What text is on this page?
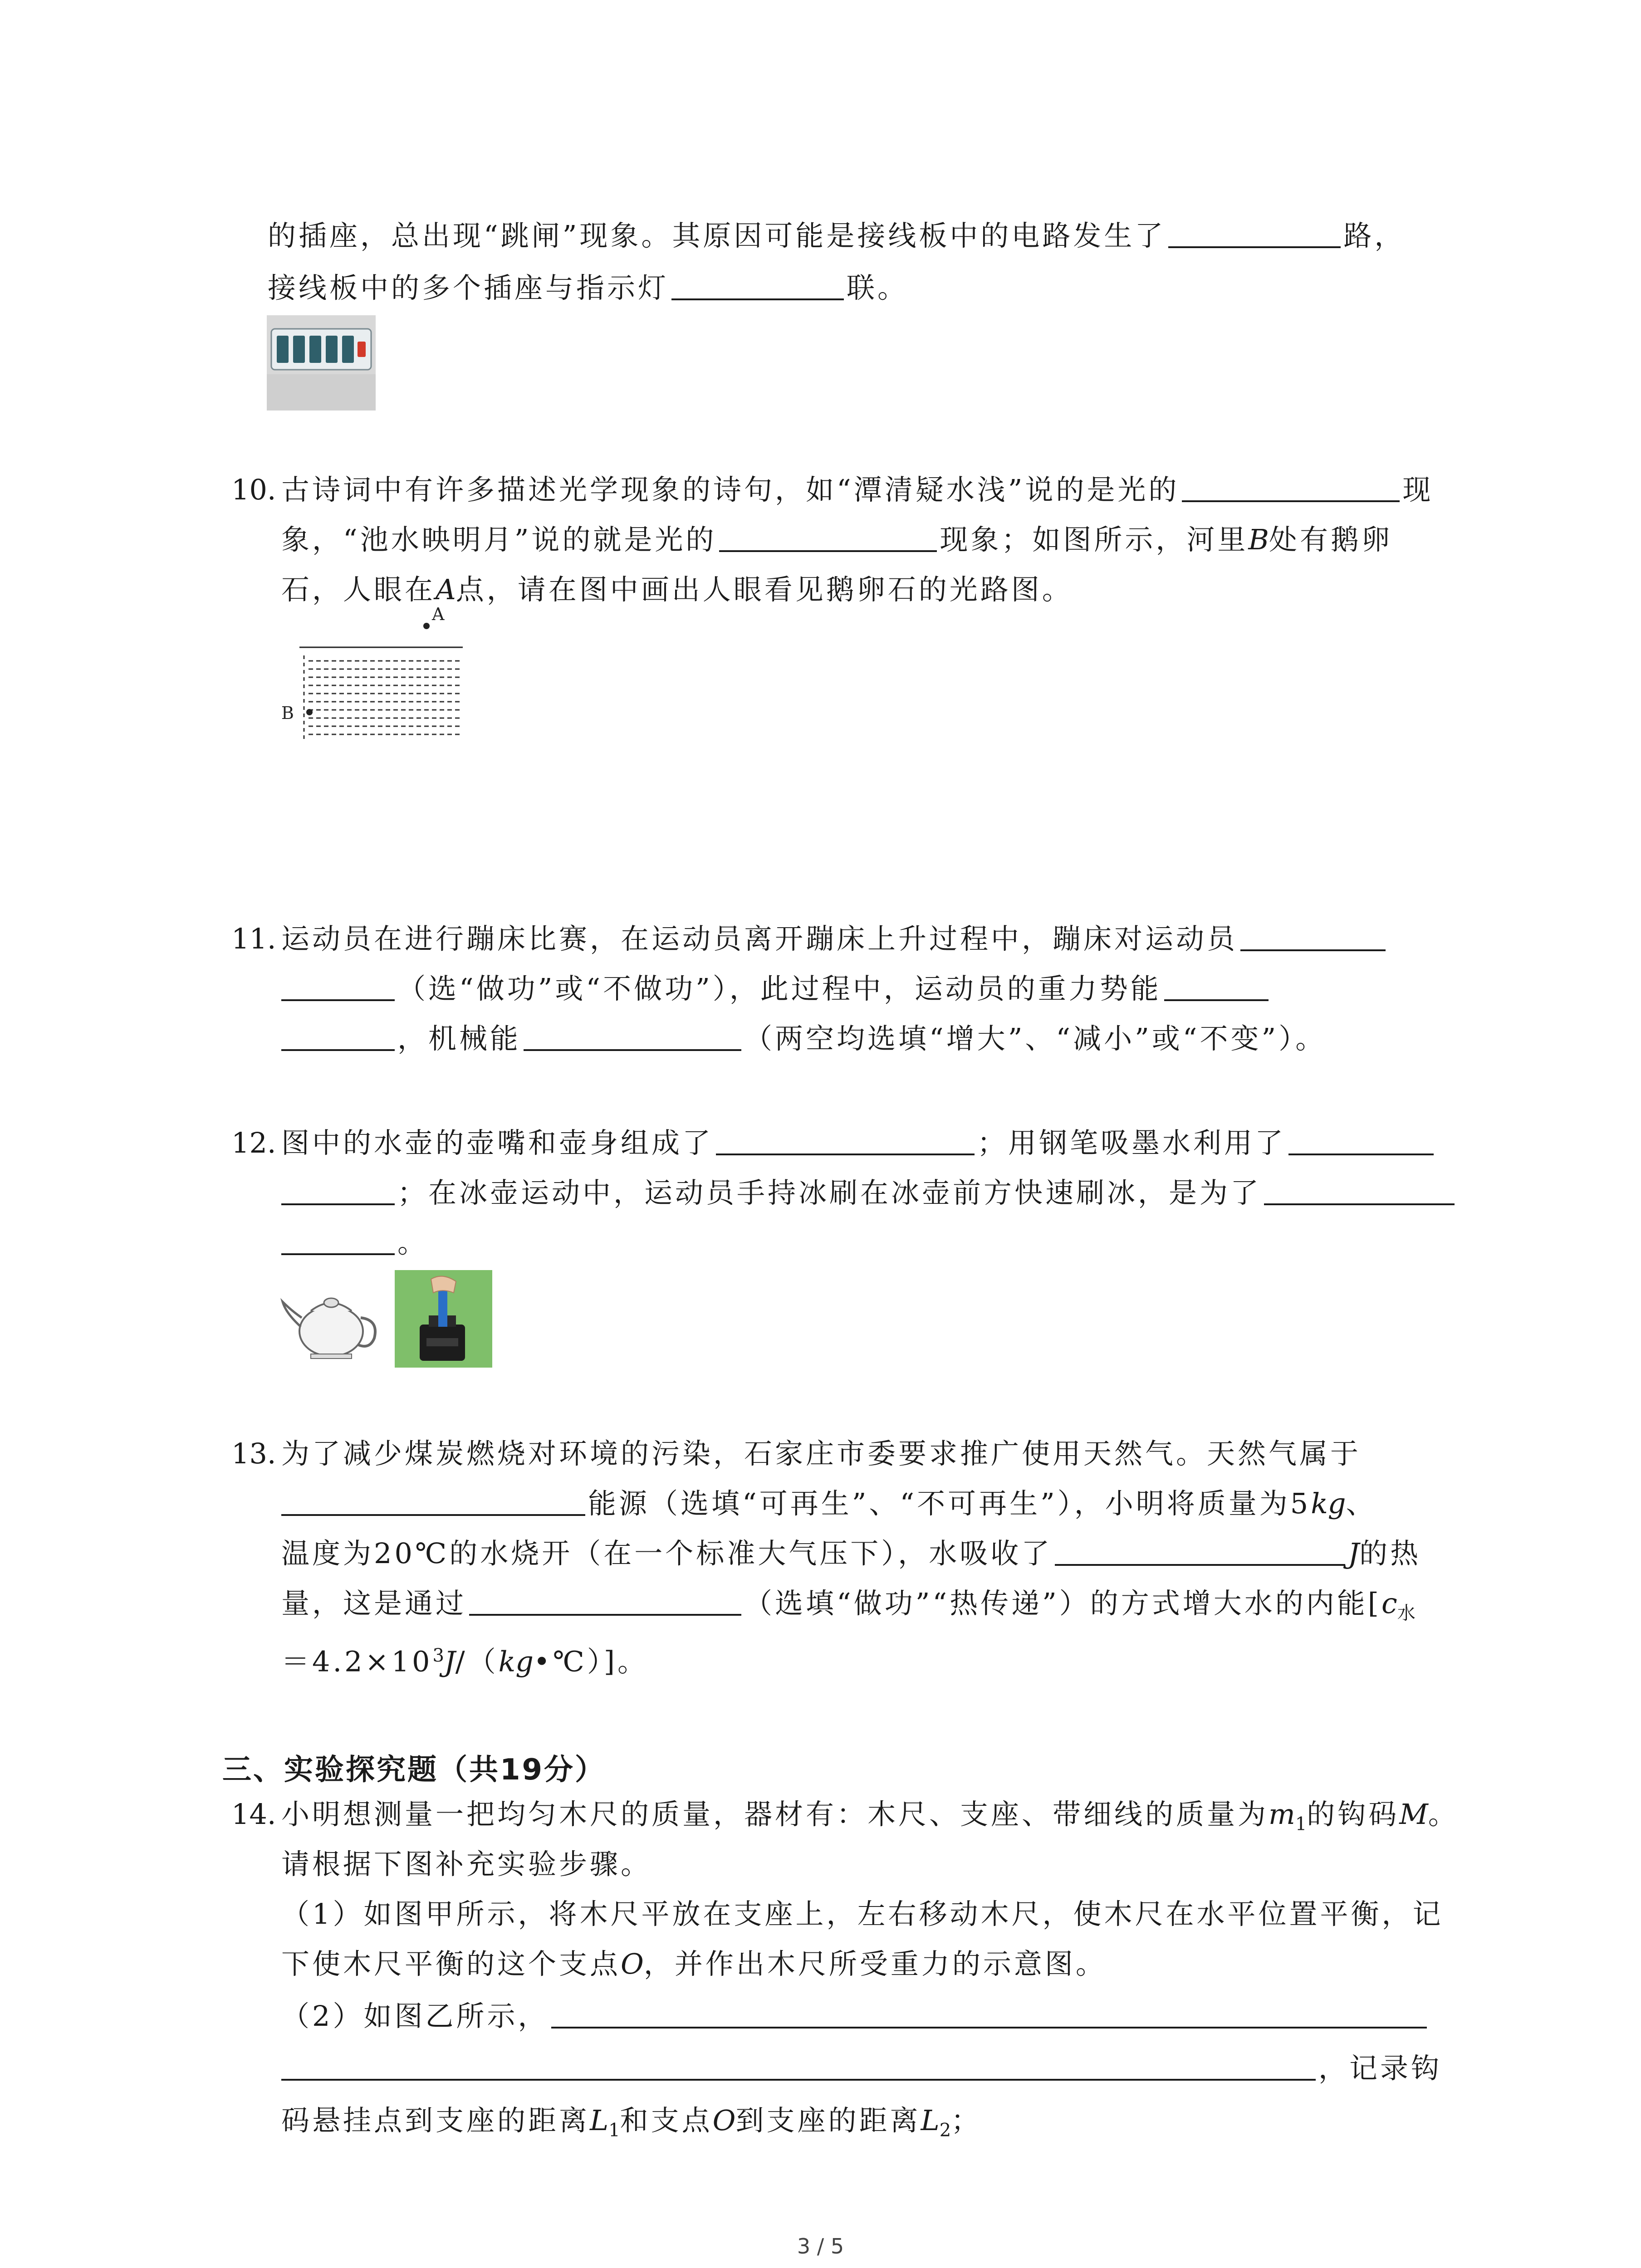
的插座，总出现“跳闸”现象。其原因可能是接线板中的电路发生了	路，
接线板中的多个插座与指示灯	联。
10. 古诗词中有许多描述光学现象的诗句，如“潭清疑水浅”说的是光的	现
象，“池水映明月”说的就是光的	现象；如图所示，河里B处有鹅卵
石，人眼在A点，请在图中画出人眼看见鹅卵石的光路图。
A
B
11. 运动员在进行蹦床比赛，在运动员离开蹦床上升过程中，蹦床对运动员
（选“做功”或“不做功”），此过程中，运动员的重力势能
，机械能	（两空均选填“增大”、“减小”或“不变”）。
12. 图中的水壶的壶嘴和壶身组成了	；用钢笔吸墨水利用了
；在冰壶运动中，运动员手持冰刷在冰壶前方快速刷冰，是为了
。
13. 为了减少煤炭燃烧对环境的污染，石家庄市委要求推广使用天然气。天然气属于
能源（选填“可再生”、“不可再生”），小明将质量为5kg、
温度为20℃的水烧开（在一个标准大气压下），水吸收了	J的热
量，这是通过	（选填“做功”“热传递”）的方式增大水的内能[$c_水$
$=4.2\times 10^3J/(kg•℃)$]。
三、实验探究题（共19分）
14. 小明想测量一把均匀木尺的质量，器材有：木尺、支座、带细线的质量为$m_1$的钩码M。
请根据下图补充实验步骤。
（1）如图甲所示，将木尺平放在支座上，左右移动木尺，使木尺在水平位置平衡，记
下使木尺平衡的这个支点O，并作出木尺所受重力的示意图。
（2）如图乙所示，
，记录钩
码悬挂点到支座的距离$L_1$和支点O到支座的距离$L_2$；
3 / 5
